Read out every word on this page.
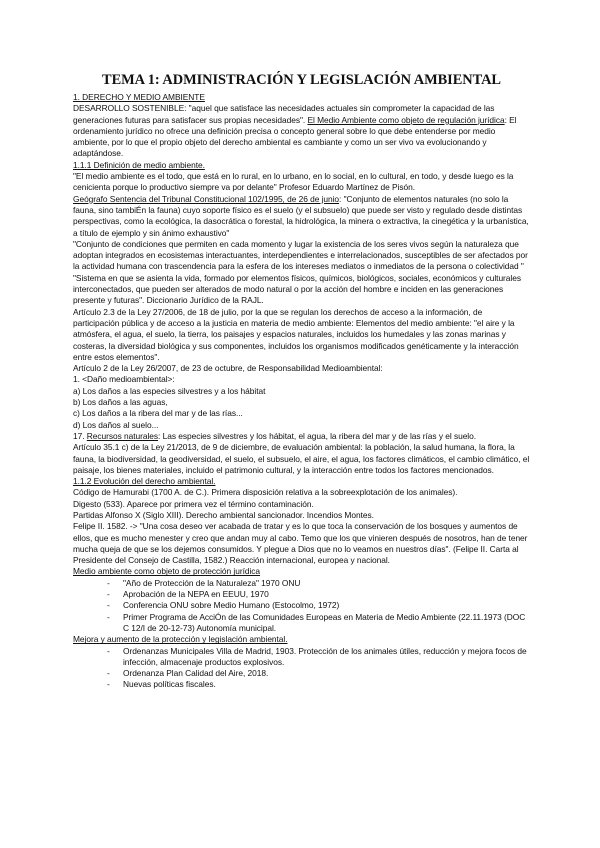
TEMA 1: ADMINISTRACIÓN Y LEGISLACIÓN AMBIENTAL

1. DERECHO Y MEDIO AMBIENTE

DESARROLLO SOSTENIBLE: "aquel que satisface las necesidades actuales sin comprometer la capacidad de las generaciones futuras para satisfacer sus propias necesidades". El Medio Ambiente como objeto de regulación jurídica: El ordenamiento jurídico no ofrece una definición precisa o concepto general sobre lo que debe entenderse por medio ambiente, por lo que el propio objeto del derecho ambiental es cambiante y como un ser vivo va evolucionando y adaptándose.

1.1.1 Definición de medio ambiente.

"El medio ambiente es el todo, que está en lo rural, en lo urbano, en lo social, en lo cultural, en todo, y desde luego es la cenicienta porque lo productivo siempre va por delante" Profesor Eduardo Martínez de Pisón.

Geógrafo Sentencia del Tribunal Constitucional 102/1995, de 26 de junio: "Conjunto de elementos naturales (no solo la fauna, sino tambiÉn la fauna) cuyo soporte físico es el suelo (y el subsuelo) que puede ser visto y regulado desde distintas perspectivas, como la ecológica, la dasocrática o forestal, la hidrológica, la minera o extractiva, la cinegética y la urbanística, a título de ejemplo y sin ánimo exhaustivo"

"Conjunto de condiciones que permiten en cada momento y lugar la existencia de los seres vivos según la naturaleza que adoptan integrados en ecosistemas interactuantes, interdependientes e interrelacionados, susceptibles de ser afectados por la actividad humana con trascendencia para la esfera de los intereses mediatos o inmediatos de la persona o colectividad " "Sistema en que se asienta la vida, formado por elementos físicos, químicos, biológicos, sociales, económicos y culturales interconectados, que pueden ser alterados de modo natural o por la acción del hombre e inciden en las generaciones presente y futuras". Diccionario Jurídico de la RAJL.

Artículo 2.3 de la Ley 27/2006, de 18 de julio, por la que se regulan los derechos de acceso a la información, de participación pública y de acceso a la justicia en materia de medio ambiente: Elementos del medio ambiente: "el aire y la atmósfera, el agua, el suelo, la tierra, los paisajes y espacios naturales, incluidos los humedales y las zonas marinas y costeras, la diversidad biológica y sus componentes, incluidos los organismos modificados genéticamente y la interacción entre estos elementos".

Artículo 2 de la Ley 26/2007, de 23 de octubre, de Responsabilidad Medioambiental:

1. <Daño medioambiental>:

a) Los daños a las especies silvestres y a los hábitat

b) Los daños a las aguas,

c) Los daños a la ribera del mar y de las rías...

d) Los daños al suelo...

17. Recursos naturales: Las especies silvestres y los hábitat, el agua, la ribera del mar y de las rías y el suelo.

Artículo 35.1 c) de la Ley 21/2013, de 9 de diciembre, de evaluación ambiental: la población, la salud humana, la flora, la fauna, la biodiversidad, la geodiversidad, el suelo, el subsuelo, el aire, el agua, los factores climáticos, el cambio climático, el paisaje, los bienes materiales, incluido el patrimonio cultural, y la interacción entre todos los factores mencionados.

1.1.2 Evolución del derecho ambiental.

Código de Hamurabi (1700 A. de C.). Primera disposición relativa a la sobreexplotación de los animales).

Digesto (533). Aparece por primera vez el término contaminación.

Partidas Alfonso X (Siglo XIII). Derecho ambiental sancionador. Incendios Montes.

Felipe II. 1582. -> "Una cosa deseo ver acabada de tratar y es lo que toca la conservación de los bosques y aumentos de ellos, que es mucho menester y creo que andan muy al cabo. Temo que los que vinieren después de nosotros, han de tener mucha queja de que se los dejemos consumidos. Y plegue a Dios que no lo veamos en nuestros días". (Felipe II. Carta al Presidente del Consejo de Castilla, 1582.) Reacción internacional, europea y nacional.

Medio ambiente como objeto de protección jurídica

- "Año de Protección de la Naturaleza" 1970 ONU
- Aprobación de la NEPA en EEUU, 1970
- Conferencia ONU sobre Medio Humano (Estocolmo, 1972)
- Primer Programa de AcciÓn de las Comunidades Europeas en Materia de Medio Ambiente (22.11.1973 (DOC C 12/I de 20-12-73) Autonomía municipal.

Mejora y aumento de la protección y legislación ambiental.

- Ordenanzas Municipales Villa de Madrid, 1903. Protección de los animales útiles, reducción y mejora focos de infección, almacenaje productos explosivos.
- Ordenanza Plan Calidad del Aire, 2018.
- Nuevas políticas fiscales.
